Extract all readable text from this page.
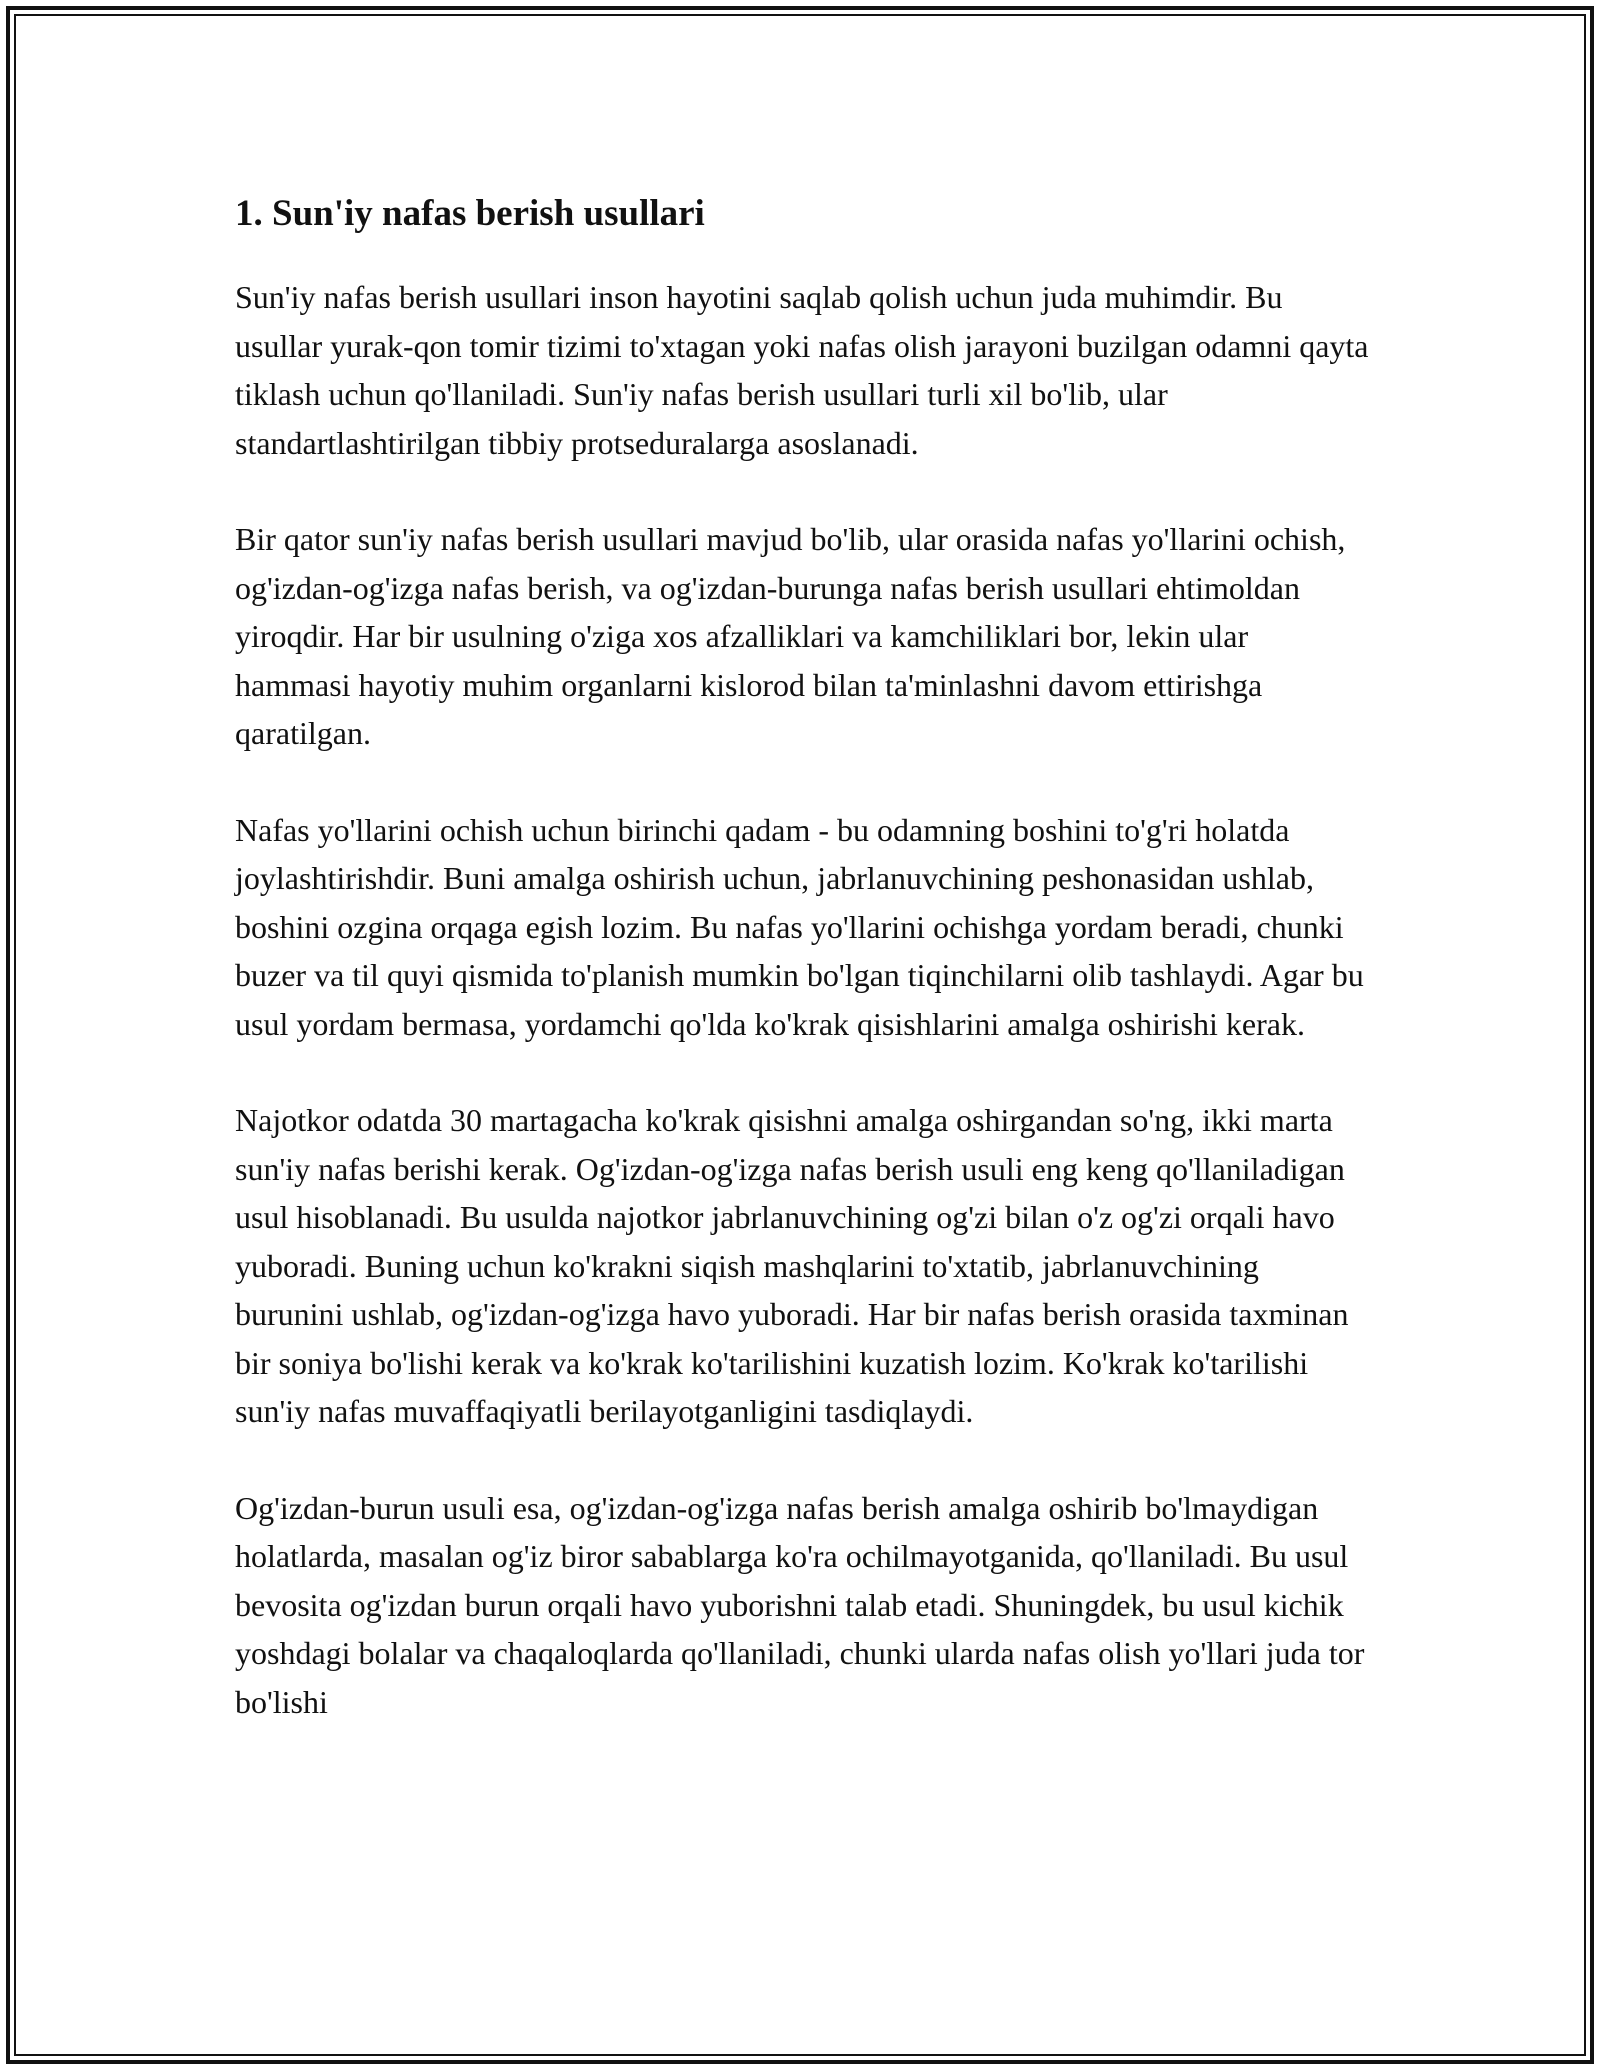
1. Sun'iy nafas berish usullari

Sun'iy nafas berish usullari inson hayotini saqlab qolish uchun juda muhimdir. Bu usullar yurak-qon tomir tizimi to'xtagan yoki nafas olish jarayoni buzilgan odamni qayta tiklash uchun qo'llaniladi. Sun'iy nafas berish usullari turli xil bo'lib, ular standartlashtirilgan tibbiy protseduralarga asoslanadi.

Bir qator sun'iy nafas berish usullari mavjud bo'lib, ular orasida nafas yo'llarini ochish, og'izdan-og'izga nafas berish, va og'izdan-burunga nafas berish usullari ehtimoldan yiroqdir. Har bir usulning o'ziga xos afzalliklari va kamchiliklari bor, lekin ular hammasi hayotiy muhim organlarni kislorod bilan ta'minlashni davom ettirishga qaratilgan.

Nafas yo'llarini ochish uchun birinchi qadam - bu odamning boshini to'g'ri holatda joylashtirishdir. Buni amalga oshirish uchun, jabrlanuvchining peshonasidan ushlab, boshini ozgina orqaga egish lozim. Bu nafas yo'llarini ochishga yordam beradi, chunki buzer va til quyi qismida to'planish mumkin bo'lgan tiqinchilarni olib tashlaydi. Agar bu usul yordam bermasa, yordamchi qo'lda ko'krak qisishlarini amalga oshirishi kerak.

Najotkor odatda 30 martagacha ko'krak qisishni amalga oshirgandan so'ng, ikki marta sun'iy nafas berishi kerak. Og'izdan-og'izga nafas berish usuli eng keng qo'llaniladigan usul hisoblanadi. Bu usulda najotkor jabrlanuvchining og'zi bilan o'z og'zi orqali havo yuboradi. Buning uchun ko'krakni siqish mashqlarini to'xtatib, jabrlanuvchining burunini ushlab, og'izdan-og'izga havo yuboradi. Har bir nafas berish orasida taxminan bir soniya bo'lishi kerak va ko'krak ko'tarilishini kuzatish lozim. Ko'krak ko'tarilishi sun'iy nafas muvaffaqiyatli berilayotganligini tasdiqlaydi.

Og'izdan-burun usuli esa, og'izdan-og'izga nafas berish amalga oshirib bo'lmaydigan holatlarda, masalan og'iz biror sabablarga ko'ra ochilmayotganida, qo'llaniladi. Bu usul bevosita og'izdan burun orqali havo yuborishni talab etadi. Shuningdek, bu usul kichik yoshdagi bolalar va chaqaloqlarda qo'llaniladi, chunki ularda nafas olish yo'llari juda tor bo'lishi
